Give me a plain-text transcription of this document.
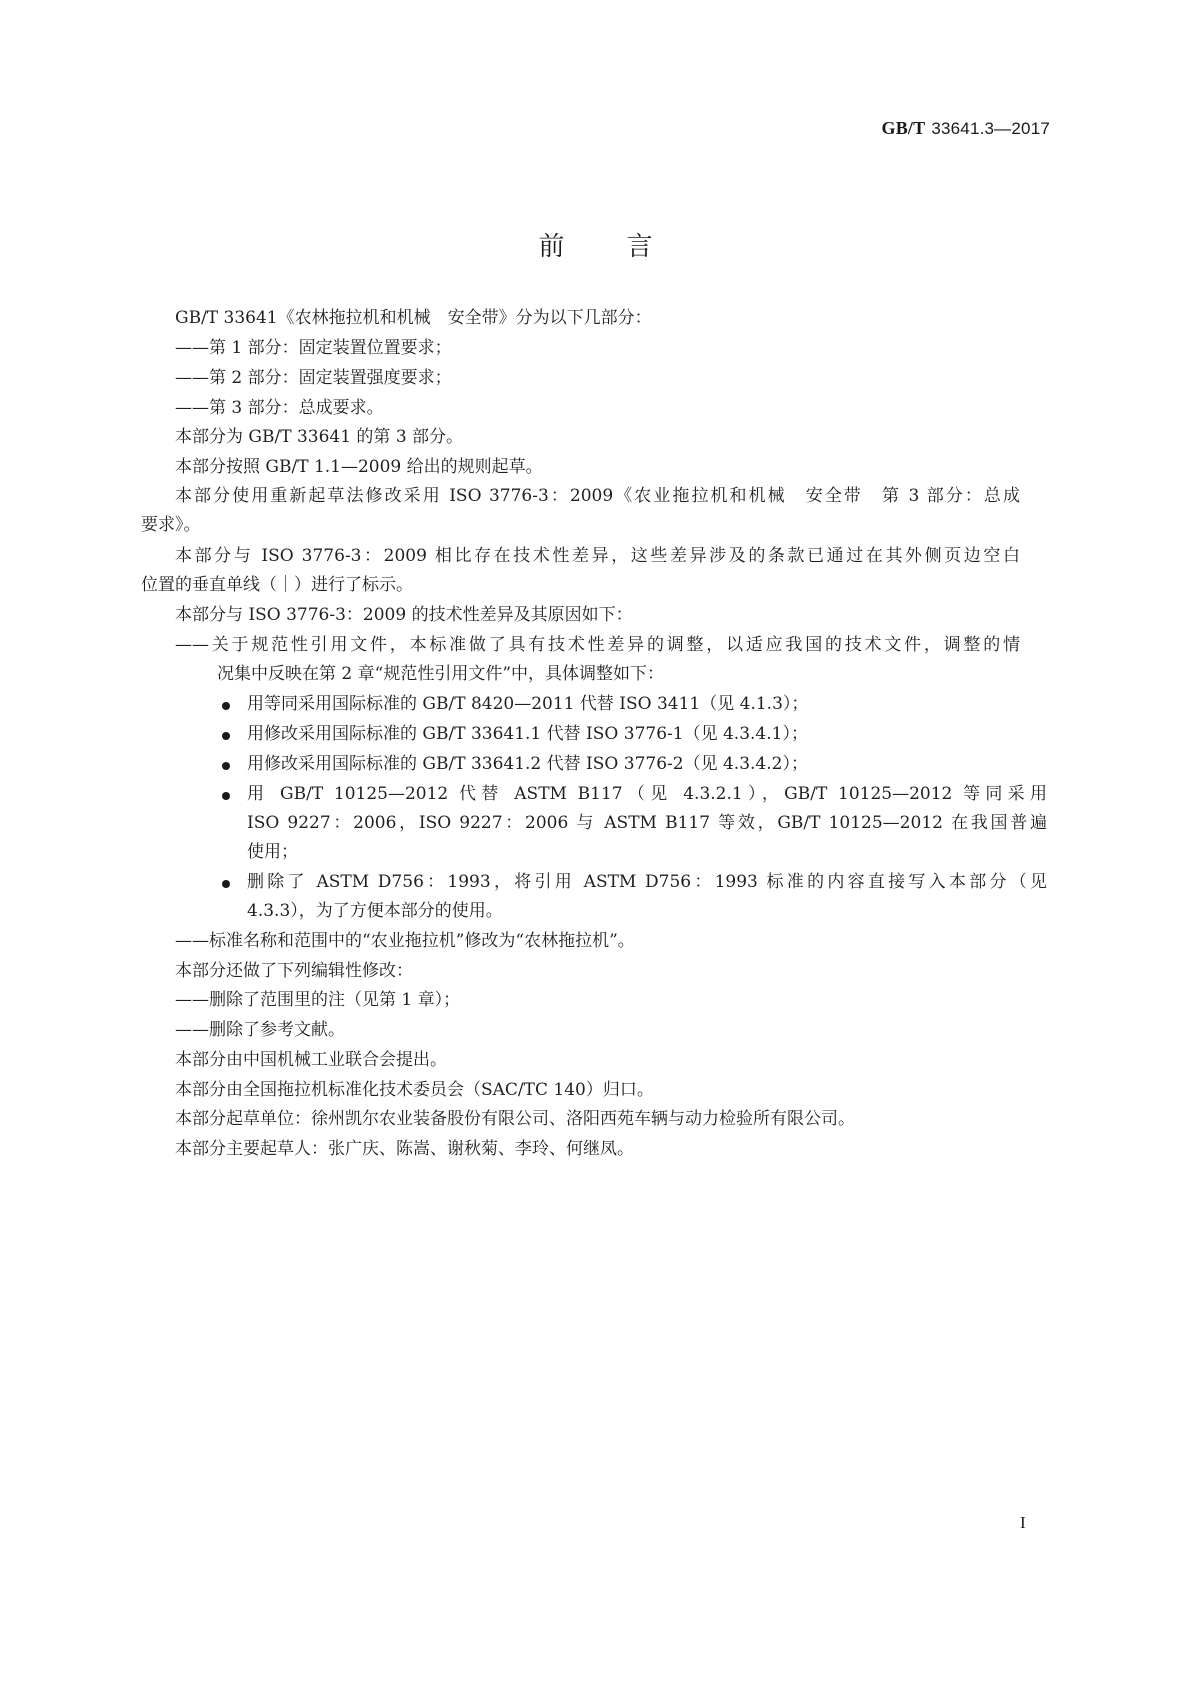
GB/T 33641.3—2017
前 言
GB/T 33641《农林拖拉机和机械　安全带》分为以下几部分：
——第 1 部分：固定装置位置要求；
——第 2 部分：固定装置强度要求；
——第 3 部分：总成要求。
本部分为 GB/T 33641 的第 3 部分。
本部分按照 GB/T 1.1—2009 给出的规则起草。
本部分使用重新起草法修改采用 ISO 3776-3：2009《农业拖拉机和机械　安全带　第 3 部分：总成
要求》。
本部分与 ISO 3776-3：2009 相比存在技术性差异，这些差异涉及的条款已通过在其外侧页边空白
位置的垂直单线（｜）进行了标示。
本部分与 ISO 3776-3：2009 的技术性差异及其原因如下：
——关于规范性引用文件，本标准做了具有技术性差异的调整，以适应我国的技术文件，调整的情
况集中反映在第 2 章“规范性引用文件”中，具体调整如下：
用等同采用国际标准的 GB/T 8420—2011 代替 ISO 3411（见 4.1.3）；
用修改采用国际标准的 GB/T 33641.1 代替 ISO 3776-1（见 4.3.4.1）；
用修改采用国际标准的 GB/T 33641.2 代替 ISO 3776-2（见 4.3.4.2）；
用 GB/T 10125—2012 代替 ASTM B117（见 4.3.2.1），GB/T 10125—2012 等同采用
ISO 9227：2006，ISO 9227：2006 与 ASTM B117 等效，GB/T 10125—2012 在我国普遍
使用；
删除了 ASTM D756：1993，将引用 ASTM D756：1993 标准的内容直接写入本部分（见
4.3.3），为了方便本部分的使用。
——标准名称和范围中的“农业拖拉机”修改为“农林拖拉机”。
本部分还做了下列编辑性修改：
——删除了范围里的注（见第 1 章）；
——删除了参考文献。
本部分由中国机械工业联合会提出。
本部分由全国拖拉机标准化技术委员会（SAC/TC 140）归口。
本部分起草单位：徐州凯尔农业装备股份有限公司、洛阳西苑车辆与动力检验所有限公司。
本部分主要起草人：张广庆、陈嵩、谢秋菊、李玲、何继凤。
I
